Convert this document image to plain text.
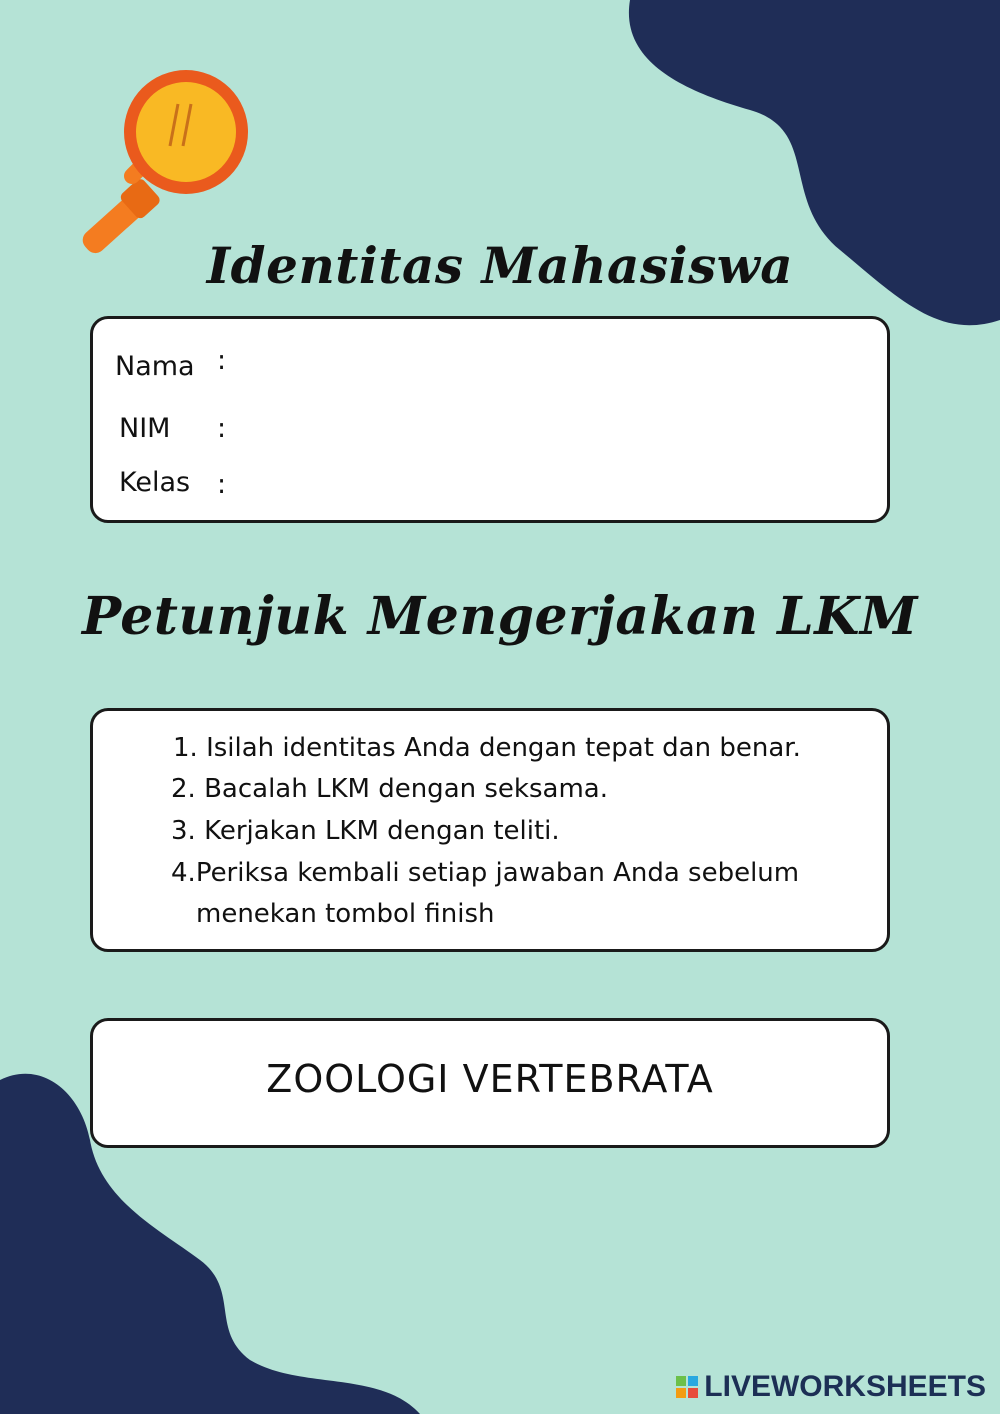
Identitas Mahasiswa
Nama :
NIM :
Kelas :
Petunjuk Mengerjakan LKM
1. Isilah identitas Anda dengan tepat dan benar.
2. Bacalah LKM dengan seksama.
3. Kerjakan LKM dengan teliti.
4.Periksa kembali setiap jawaban Anda sebelum
menekan tombol finish
ZOOLOGI VERTEBRATA
LIVEWORKSHEETS
